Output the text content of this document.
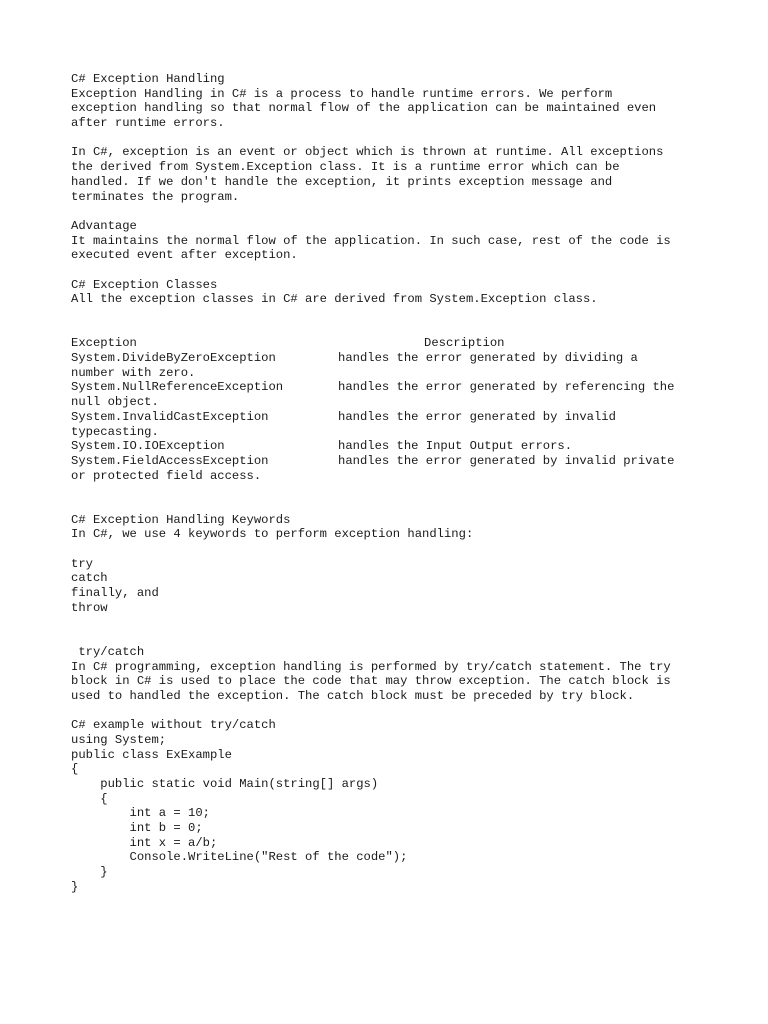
C# Exception Handling
Exception Handling in C# is a process to handle runtime errors. We perform
exception handling so that normal flow of the application can be maintained even
after runtime errors.
In C#, exception is an event or object which is thrown at runtime. All exceptions
the derived from System.Exception class. It is a runtime error which can be
handled. If we don't handle the exception, it prints exception message and
terminates the program.
Advantage
It maintains the normal flow of the application. In such case, rest of the code is
executed event after exception.
C# Exception Classes
All the exception classes in C# are derived from System.Exception class.
Exception	Description
System.DivideByZeroException	handles the error generated by dividing a
number with zero.
System.NullReferenceException	handles the error generated by referencing the
null object.
System.InvalidCastException	handles the error generated by invalid
typecasting.
System.IO.IOException	handles the Input Output errors.
System.FieldAccessException	handles the error generated by invalid private
or protected field access.
C# Exception Handling Keywords
In C#, we use 4 keywords to perform exception handling:
try
catch
finally, and
throw
try/catch
In C# programming, exception handling is performed by try/catch statement. The try
block in C# is used to place the code that may throw exception. The catch block is
used to handled the exception. The catch block must be preceded by try block.
C# example without try/catch
using System;
public class ExExample
{
public static void Main(string[] args)
{
int a = 10;
int b = 0;
int x = a/b;
Console.WriteLine("Rest of the code");
}
}
